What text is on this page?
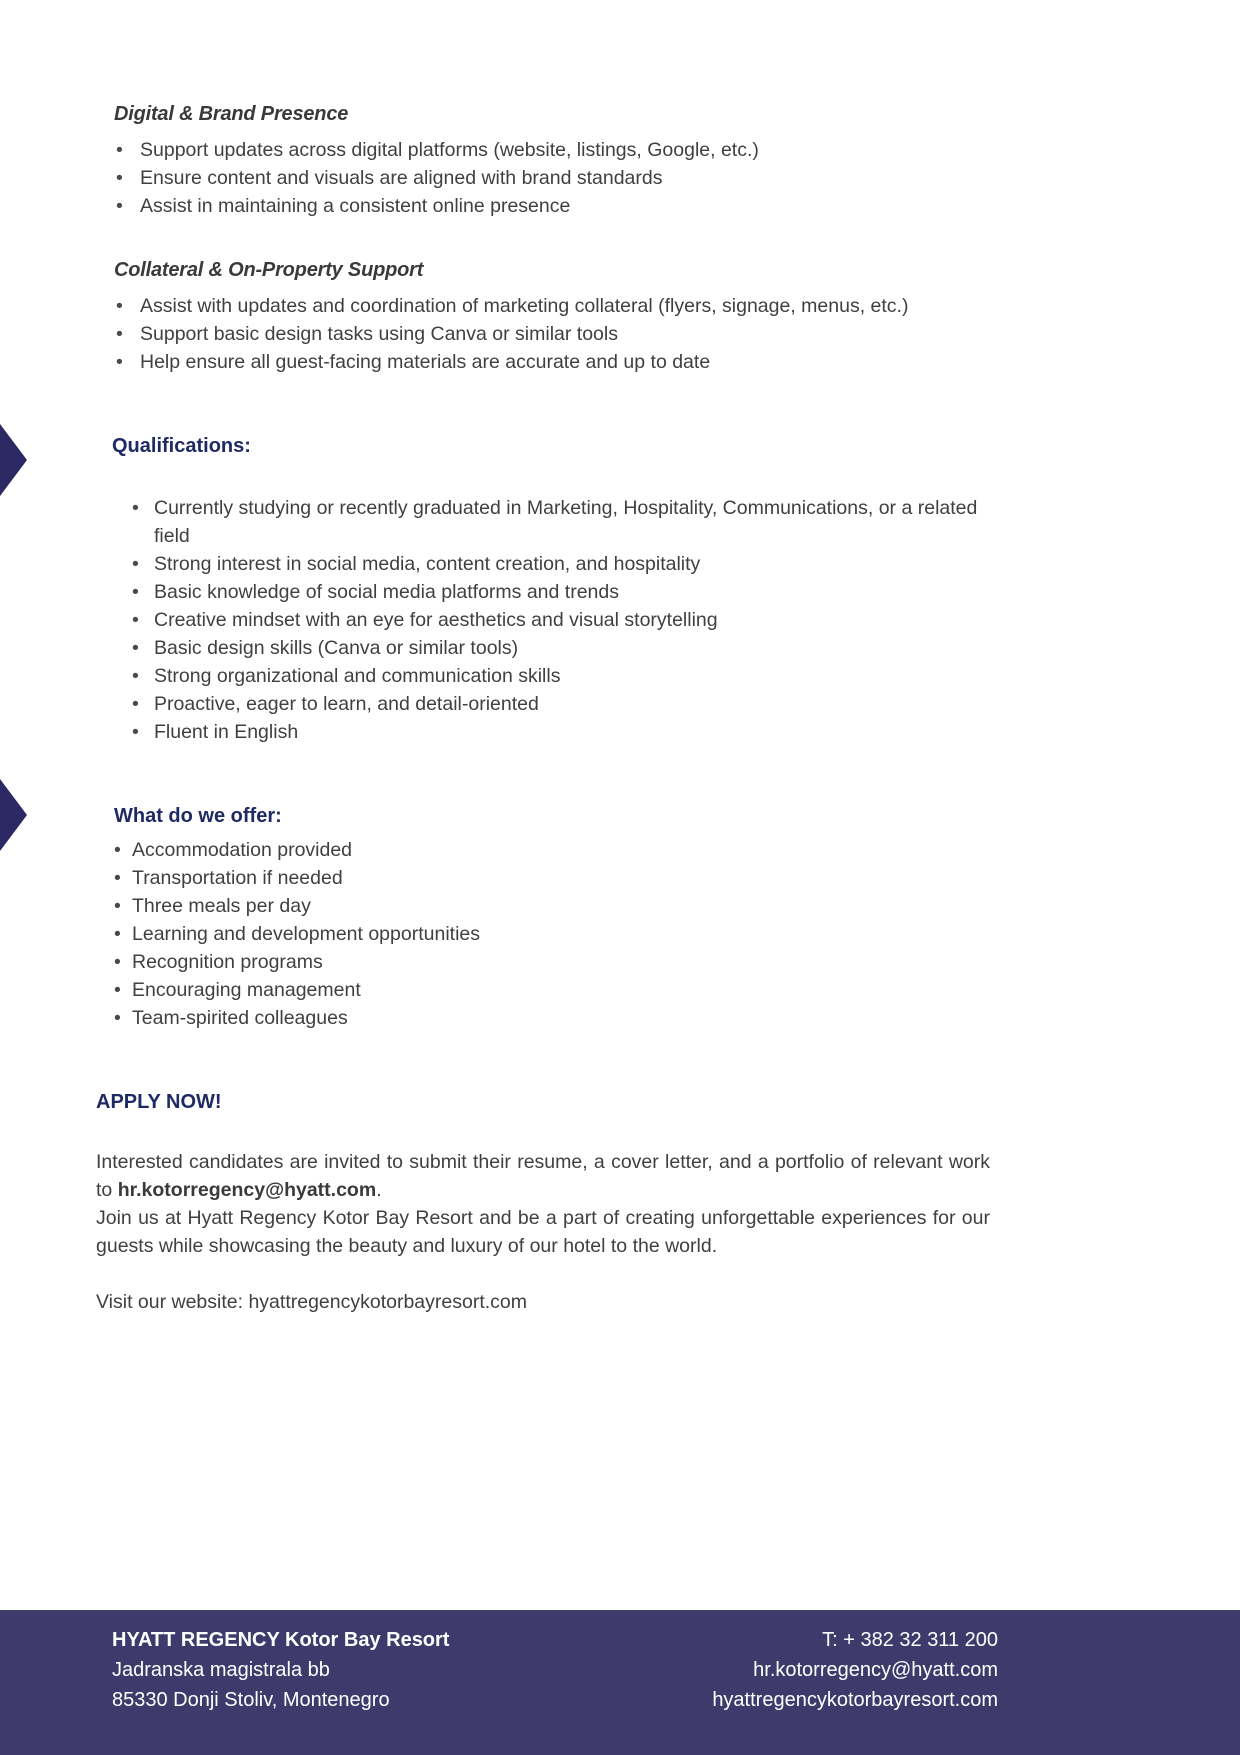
Digital & Brand Presence
• Support updates across digital platforms (website, listings, Google, etc.)
• Ensure content and visuals are aligned with brand standards
• Assist in maintaining a consistent online presence
Collateral & On-Property Support
• Assist with updates and coordination of marketing collateral (flyers, signage, menus, etc.)
• Support basic design tasks using Canva or similar tools
• Help ensure all guest-facing materials are accurate and up to date
Qualifications:
• Currently studying or recently graduated in Marketing, Hospitality, Communications, or a related field
• Strong interest in social media, content creation, and hospitality
• Basic knowledge of social media platforms and trends
• Creative mindset with an eye for aesthetics and visual storytelling
• Basic design skills (Canva or similar tools)
• Strong organizational and communication skills
• Proactive, eager to learn, and detail-oriented
• Fluent in English
What do we offer:
• Accommodation provided
• Transportation if needed
• Three meals per day
• Learning and development opportunities
• Recognition programs
• Encouraging management
• Team-spirited colleagues
APPLY NOW!

Interested candidates are invited to submit their resume, a cover letter, and a portfolio of relevant work to hr.kotorregency@hyatt.com.

Join us at Hyatt Regency Kotor Bay Resort and be a part of creating unforgettable experiences for our guests while showcasing the beauty and luxury of our hotel to the world.

Visit our website: hyattregencykotorbayresort.com

HYATT REGENCY Kotor Bay Resort
Jadranska magistrala bb
85330 Donji Stoliv, Montenegro
T: + 382 32 311 200
hr.kotorregency@hyatt.com
hyattregencykotorbayresort.com
